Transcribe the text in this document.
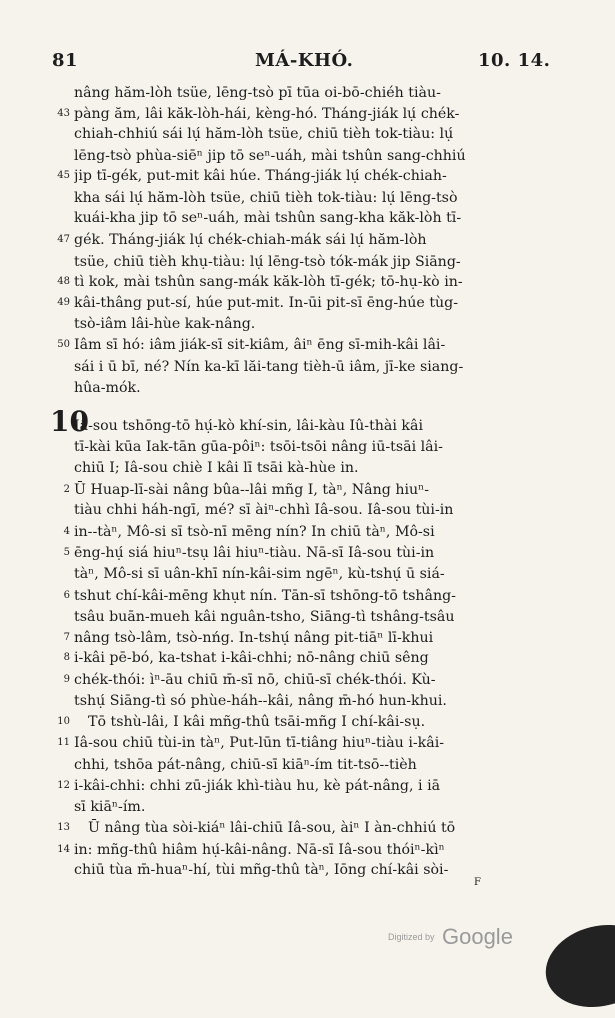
81	MÁ-KHÓ.	10. 14.
nâng hăm-lòh tsüe, lēng-tsò pī tūa oi-bō-chiéh tiàu-
43 pàng ăm, lâi kăk-lòh-hái, kèng-hó. Tháng-jiák lụ́ chék-
chiah-chhiú sái lụ́ hăm-lòh tsüe, chiū tièh tok-tiàu: lụ́
lēng-tsò phùa-siēⁿ jip tō seⁿ-uáh, mài tshûn sang-chhiú
45 jip tī-gék, put-mit kâi húe. Tháng-jiák lụ́ chék-chiah-
kha sái lụ́ hăm-lòh tsüe, chiū tièh tok-tiàu: lụ́ lēng-tsò
kuái-kha jip tō seⁿ-uáh, mài tshûn sang-kha kăk-lòh tī-
47 gék. Tháng-jiák lụ́ chék-chiah-mák sái lụ́ hăm-lòh
tsüe, chiū tièh khụ-tiàu: lụ́ lēng-tsò tók-mák jip Siāng-
48 tì kok, mài tshûn sang-mák kăk-lòh tī-gék; tō-hụ-kò in-
49 kâi-thâng put-sí, húe put-mit. In-ūi pit-sī ēng-húe tùg-
tsò-iâm lâi-hùe kak-nâng.
50 Iâm sī hó: iâm jiák-sī sit-kiâm, âiⁿ ēng sī-mih-kâi lâi-
sái i ū bī, né? Nín ka-kī lăi-tang tièh-ū iâm, jī-ke siang-
hûa-mók.
Iâ-sou tshōng-tō hụ́-kò khí-sin, lâi-kàu Iû-thài kâi
tī-kài kūa Iak-tān gūa-pôiⁿ: tsōi-tsōi nâng iū-tsāi lâi-
chiū I; Iâ-sou chiè I kâi lī tsāi kà-hùe in.
2 Ū Huap-lī-sài nâng bûa--lâi mñg I, tàⁿ, Nâng hiuⁿ-
tiàu chhi háh-ngī, mé? sī àiⁿ-chhì Iâ-sou. Iâ-sou tùi-in
4 in--tàⁿ, Mô-si sī tsò-nī mēng nín? In chiū tàⁿ, Mô-si
5 ēng-hụ́ siá hiuⁿ-tsụ lâi hiuⁿ-tiàu. Nā-sī Iâ-sou tùi-in
tàⁿ, Mô-si sī uân-khī nín-kâi-sim ngēⁿ, kù-tshụ́ ū siá-
6 tshut chí-kâi-mēng khụt nín. Tān-sī tshōng-tō tshâng-
tsâu buān-mueh kâi nguân-tsho, Siāng-tì tshâng-tsâu
7 nâng tsò-lâm, tsò-nńg. In-tshụ́ nâng pit-tiāⁿ lī-khui
8 i-kâi pē-bó, ka-tshat i-kâi-chhi; nō-nâng chiū sêng
9 chék-thói: ìⁿ-āu chiū m̄-sī nō, chiū-sī chék-thói. Kù-
tshụ́ Siāng-tì só phùe-háh--kâi, nâng m̄-hó hun-khui.
10 Tō tshù-lâi, I kâi mñg-thû tsāi-mñg I chí-kâi-sụ.
11 Iâ-sou chiū tùi-in tàⁿ, Put-lūn tī-tiâng hiuⁿ-tiàu i-kâi-
chhi, tshōa pát-nâng, chiū-sī kiāⁿ-ím tit-tsō--tièh
12 i-kâi-chhi: chhi zū-jiák khì-tiàu hu, kè pát-nâng, i iā
sī kiāⁿ-ím.
13 Ū nâng tùa sòi-kiáⁿ lâi-chiū Iâ-sou, àiⁿ I àn-chhiú tō
14 in: mñg-thû hiâm hụ́-kâi-nâng. Nā-sī Iâ-sou thóiⁿ-kìⁿ
chiū tùa m̄-huaⁿ-hí, tùi mñg-thû tàⁿ, Iōng chí-kâi sòi-
10
F
Digitized by Google
